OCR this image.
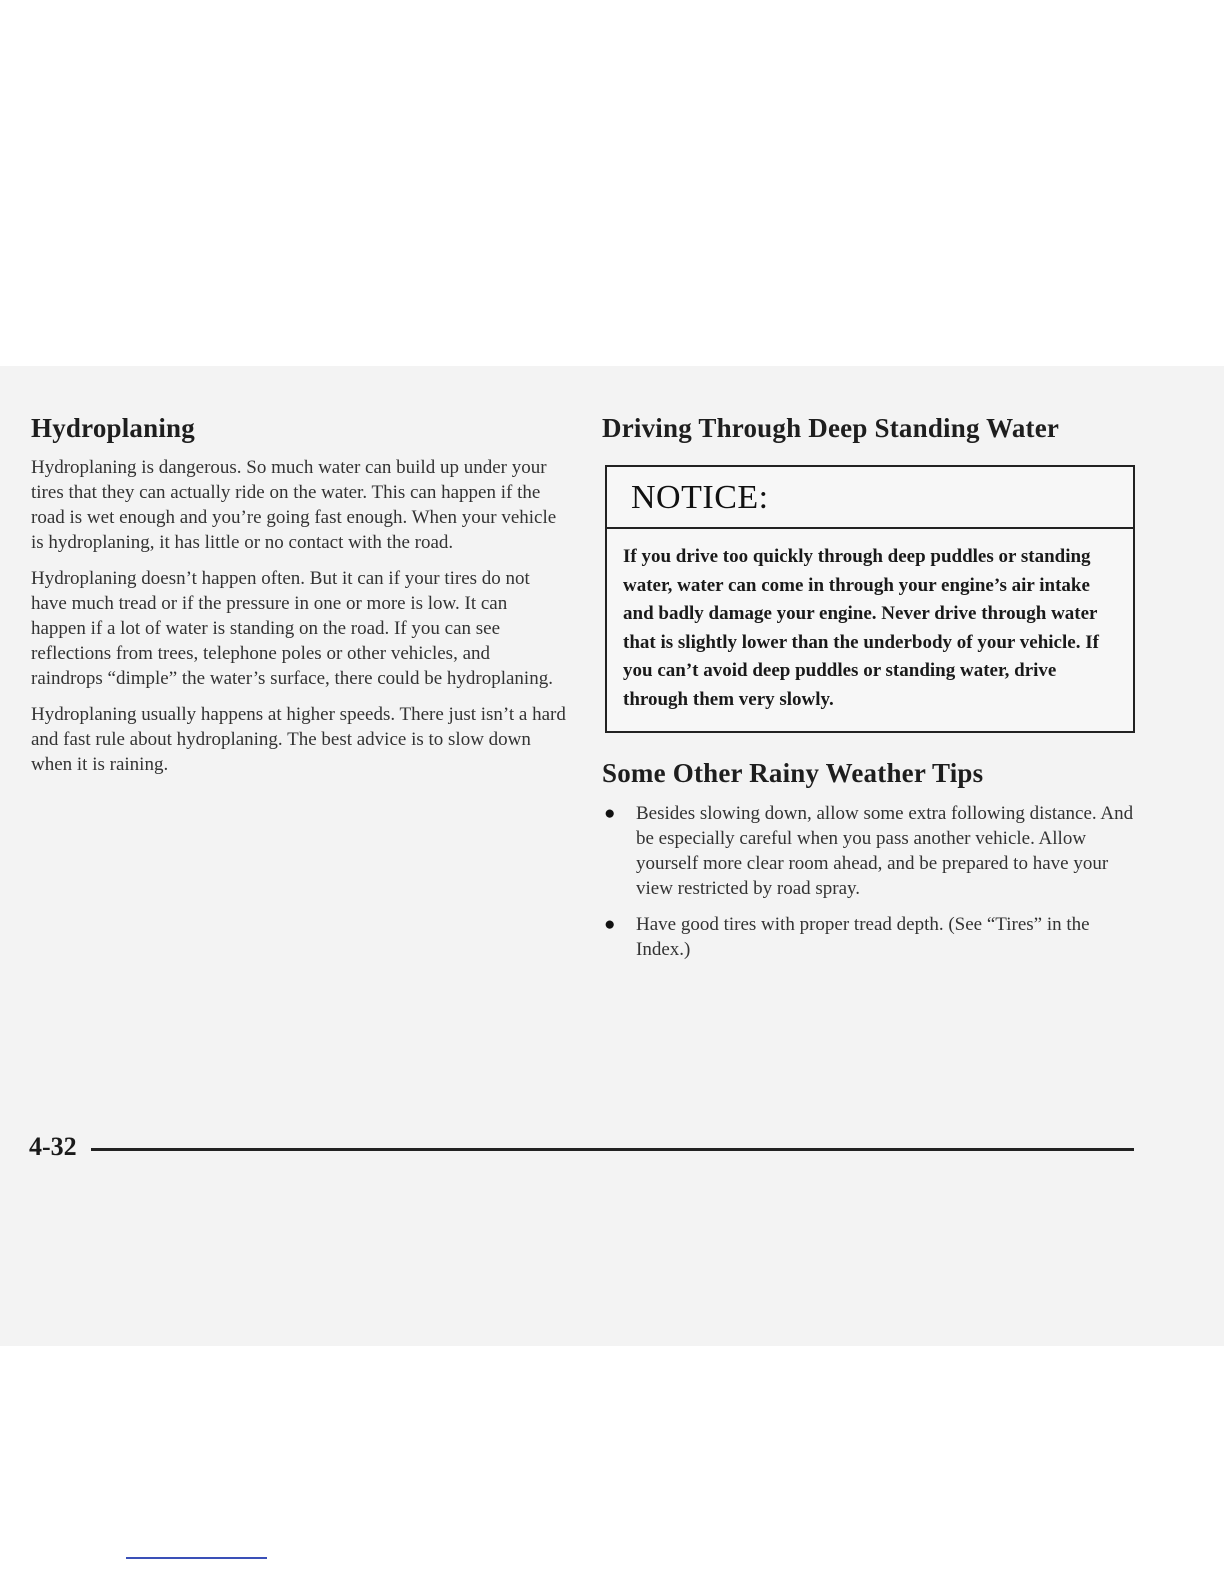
Hydroplaning

Hydroplaning is dangerous. So much water can build up under your tires that they can actually ride on the water. This can happen if the road is wet enough and you’re going fast enough. When your vehicle is hydroplaning, it has little or no contact with the road.

Hydroplaning doesn’t happen often. But it can if your tires do not have much tread or if the pressure in one or more is low. It can happen if a lot of water is standing on the road. If you can see reflections from trees, telephone poles or other vehicles, and raindrops “dimple” the water’s surface, there could be hydroplaning.

Hydroplaning usually happens at higher speeds. There just isn’t a hard and fast rule about hydroplaning. The best advice is to slow down when it is raining.

Driving Through Deep Standing Water
NOTICE:
If you drive too quickly through deep puddles or standing water, water can come in through your engine’s air intake and badly damage your engine. Never drive through water that is slightly lower than the underbody of your vehicle. If you can’t avoid deep puddles or standing water, drive through them very slowly.
Some Other Rainy Weather Tips
● Besides slowing down, allow some extra following distance. And be especially careful when you pass another vehicle. Allow yourself more clear room ahead, and be prepared to have your view restricted by road spray.
● Have good tires with proper tread depth. (See “Tires” in the Index.)
4-32
